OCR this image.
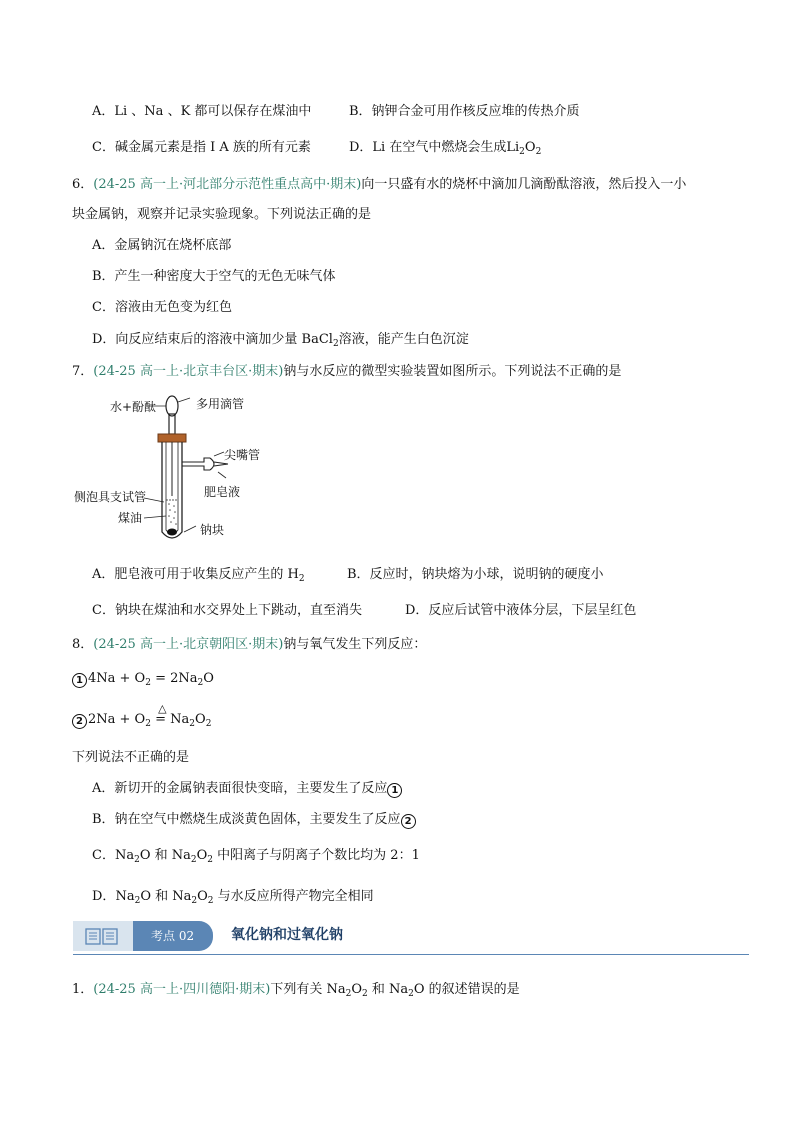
A．Li 、Na 、K 都可以保存在煤油中	B．钠钾合金可用作核反应堆的传热介质
C．碱金属元素是指 I A 族的所有元素	D．Li 在空气中燃烧会生成$Li_2O_2$
6．(24-25 高一上·河北部分示范性重点高中·期末)向一只盛有水的烧杯中滴加几滴酚酞溶液，然后投入一小
块金属钠，观察并记录实验现象。下列说法正确的是
A．金属钠沉在烧杯底部
B．产生一种密度大于空气的无色无味气体
C．溶液由无色变为红色
D．向反应结束后的溶液中滴加少量 BaCl$_2$溶液，能产生白色沉淀
7．(24-25 高一上·北京丰台区·期末)钠与水反应的微型实验装置如图所示。下列说法不正确的是
水+酚酞	多用滴管
尖嘴管
肥皂液
侧泡具支试管
煤油
钠块
A．肥皂液可用于收集反应产生的 $H_2$	B．反应时，钠块熔为小球，说明钠的硬度小
C．钠块在煤油和水交界处上下跳动，直至消失	D．反应后试管中液体分层，下层呈红色
8．(24-25 高一上·北京朝阳区·期末)钠与氧气发生下列反应：
1 $4Na + O_2 = 2Na_2O$
2 $2Na + O_2$
△
= $Na_2O_2$
下列说法不正确的是
A．新切开的金属钠表面很快变暗，主要发生了反应 1
B．钠在空气中燃烧生成淡黄色固体，主要发生了反应 2
C．$Na_2O$ 和 $Na_2O_2$ 中阳离子与阴离子个数比均为 2：1
D．$Na_2O$ 和 $Na_2O_2$ 与水反应所得产物完全相同
考点 02	氧化钠和过氧化钠
1．(24-25 高一上·四川德阳·期末)下列有关 $Na_2O_2$ 和 $Na_2O$ 的叙述错误的是
